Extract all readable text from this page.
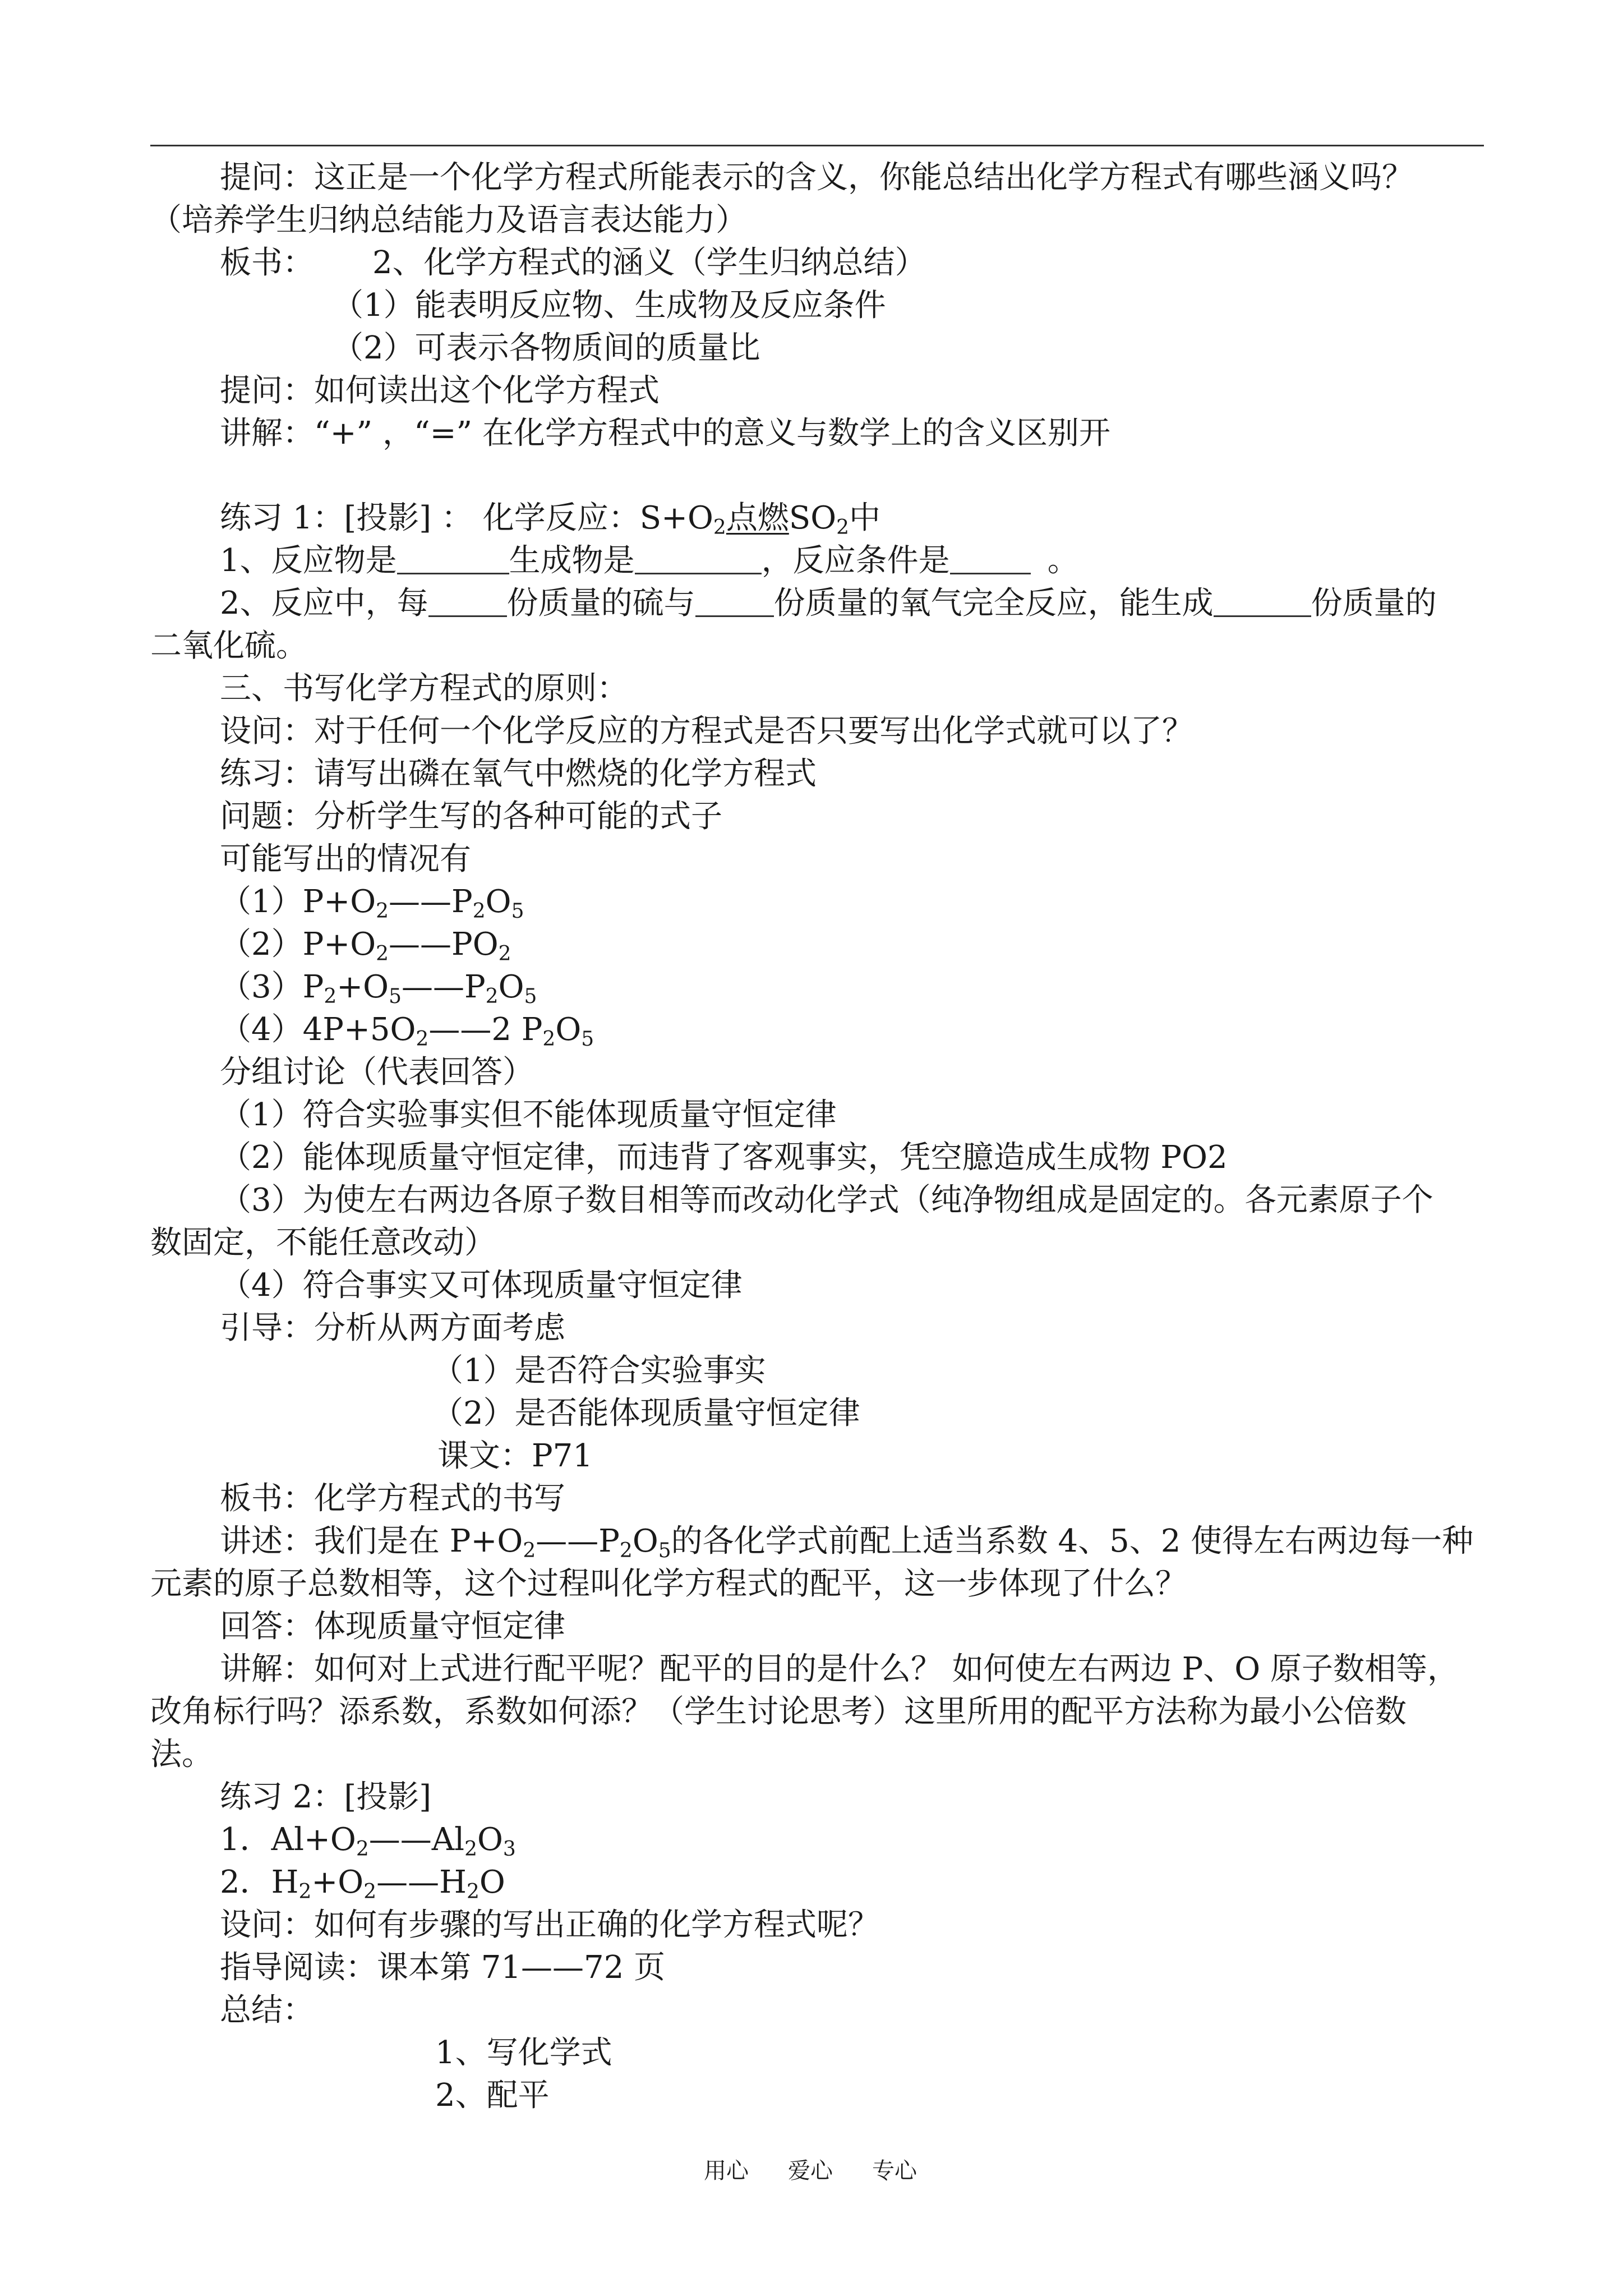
提问：这正是一个化学方程式所能表示的含义，你能总结出化学方程式有哪些涵义吗？
（培养学生归纳总结能力及语言表达能力）
板书： 2、化学方程式的涵义（学生归纳总结）
（1）能表明反应物、生成物及反应条件
（2）可表示各物质间的质量比
提问：如何读出这个化学方程式
讲解：“+” ，“=” 在化学方程式中的意义与数学上的含义区别开
练习 1：[投影] ： 化学反应：$S+O_2$点燃$SO_2$中
1、反应物是	生成物是	，反应条件是	。
2、反应中，每	份质量的硫与	份质量的氧气完全反应，能生成	份质量的
二氧化硫。
三、书写化学方程式的原则：
设问：对于任何一个化学反应的方程式是否只要写出化学式就可以了？
练习：请写出磷在氧气中燃烧的化学方程式
问题：分析学生写的各种可能的式子
可能写出的情况有
$(1)P+O_2——P_2O_5$
$(2)P+O_2——PO_2$
$(3)P_2+O_5——P_2O_5$
$(4)4P+5O_2——2$ $P_2O_5$
分组讨论（代表回答）
（1）符合实验事实但不能体现质量守恒定律
（2）能体现质量守恒定律，而违背了客观事实，凭空臆造成生成物 PO2
（3）为使左右两边各原子数目相等而改动化学式（纯净物组成是固定的。各元素原子个
数固定，不能任意改动）
（4）符合事实又可体现质量守恒定律
引导：分析从两方面考虑
（1）是否符合实验事实
（2）是否能体现质量守恒定律
课文：P71
板书：化学方程式的书写
讲述：我们是在 $P+O_2——P_2O_5$的各化学式前配上适当系数 4、5、2 使得左右两边每一种
元素的原子总数相等，这个过程叫化学方程式的配平，这一步体现了什么？
回答：体现质量守恒定律
讲解：如何对上式进行配平呢？配平的目的是什么？ 如何使左右两边 P、O 原子数相等，
改角标行吗？添系数，系数如何添？（学生讨论思考）这里所用的配平方法称为最小公倍数
法。
练习 2：[投影]
1．$Al+O_2——Al_2O_3$
2．$H_2+O_2——H_2O$
设问：如何有步骤的写出正确的化学方程式呢？
指导阅读：课本第 71——72 页
总结：
1、写化学式
2、配平
用心 爱心 专心
